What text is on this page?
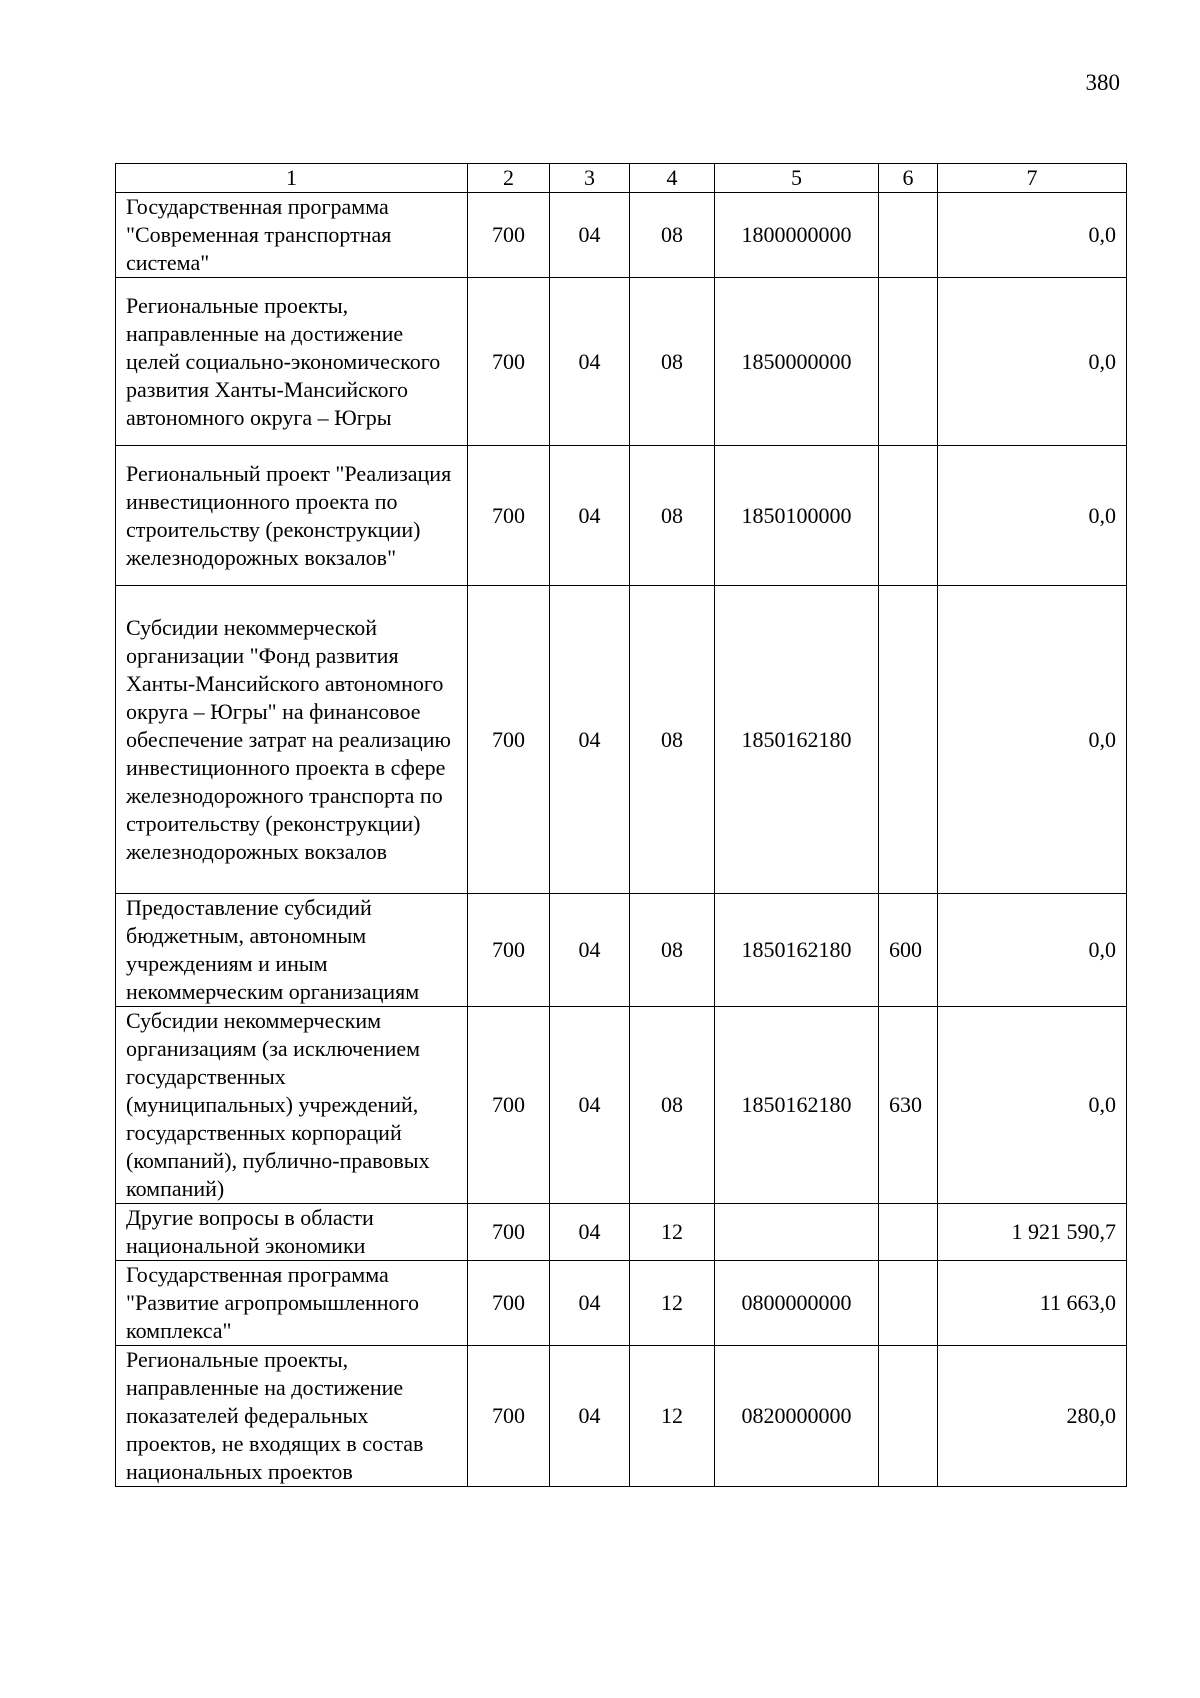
380
1	2	3	4	5	6	7
Государственная программа "Современная транспортная система"	700	04	08	1800000000		0,0
Региональные проекты, направленные на достижение целей социально-экономического развития Ханты-Мансийского автономного округа – Югры	700	04	08	1850000000		0,0
Региональный проект "Реализация инвестиционного проекта по строительству (реконструкции) железнодорожных вокзалов"	700	04	08	1850100000		0,0
Субсидии некоммерческой организации "Фонд развития Ханты-Мансийского автономного округа – Югры" на финансовое обеспечение затрат на реализацию инвестиционного проекта в сфере железнодорожного транспорта по строительству (реконструкции) железнодорожных вокзалов	700	04	08	1850162180		0,0
Предоставление субсидий бюджетным, автономным учреждениям и иным некоммерческим организациям	700	04	08	1850162180	600	0,0
Субсидии некоммерческим организациям (за исключением государственных (муниципальных) учреждений, государственных корпораций (компаний), публично-правовых компаний)	700	04	08	1850162180	630	0,0
Другие вопросы в области национальной экономики	700	04	12			1 921 590,7
Государственная программа "Развитие агропромышленного комплекса"	700	04	12	0800000000		11 663,0
Региональные проекты, направленные на достижение показателей федеральных проектов, не входящих в состав национальных проектов	700	04	12	0820000000		280,0
